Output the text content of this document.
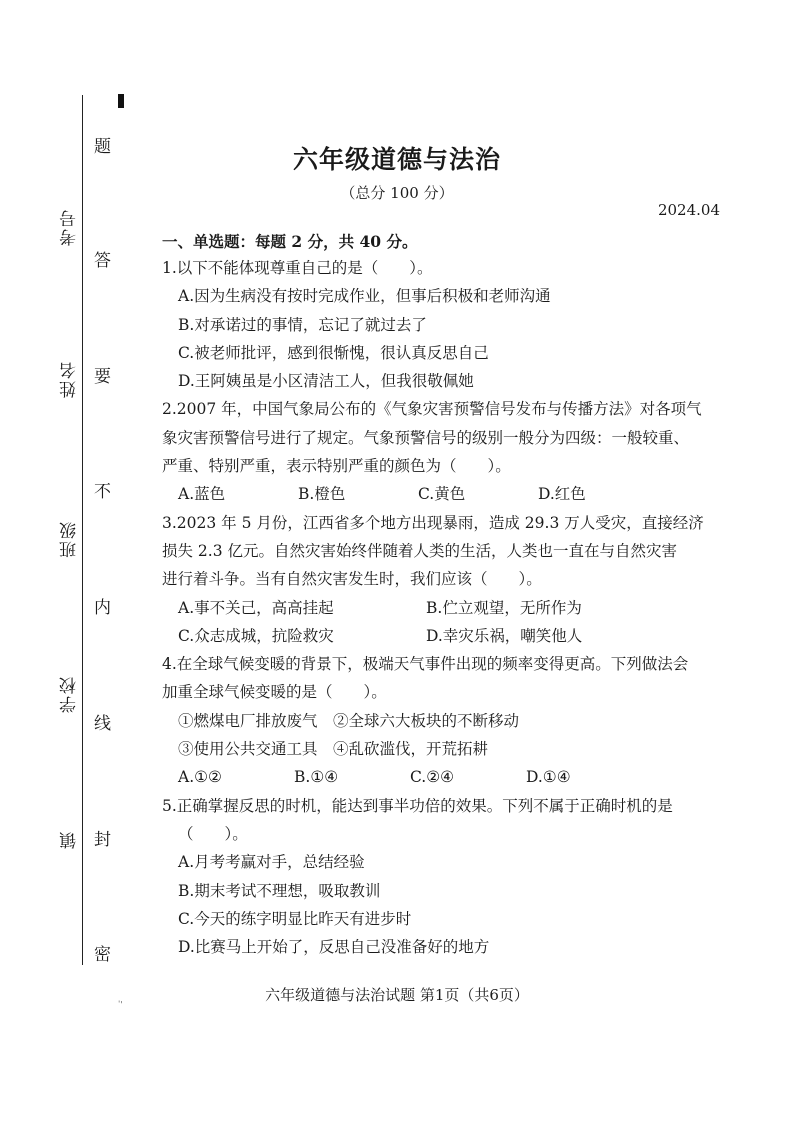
考号
姓名
班级
学校
镇
题
答
要
不
内
线
封
密
ˈ'
六年级道德与法治
（总分 100 分）
2024.04
一、单选题：每题 2 分，共 40 分。
1.以下不能体现尊重自己的是（　　）。
A.因为生病没有按时完成作业，但事后积极和老师沟通
B.对承诺过的事情，忘记了就过去了
C.被老师批评，感到很惭愧，很认真反思自己
D.王阿姨虽是小区清洁工人，但我很敬佩她
2.2007 年，中国气象局公布的《气象灾害预警信号发布与传播方法》对各项气
象灾害预警信号进行了规定。气象预警信号的级别一般分为四级：一般较重、
严重、特别严重，表示特别严重的颜色为（　　）。
A.蓝色	B.橙色	C.黄色	D.红色
3.2023 年 5 月份，江西省多个地方出现暴雨，造成 29.3 万人受灾，直接经济
损失 2.3 亿元。自然灾害始终伴随着人类的生活，人类也一直在与自然灾害
进行着斗争。当有自然灾害发生时，我们应该（　　）。
A.事不关己，高高挂起	B.伫立观望，无所作为
C.众志成城，抗险救灾	D.幸灾乐祸，嘲笑他人
4.在全球气候变暖的背景下，极端天气事件出现的频率变得更高。下列做法会
加重全球气候变暖的是（　　）。
①燃煤电厂排放废气　②全球六大板块的不断移动
③使用公共交通工具　④乱砍滥伐，开荒拓耕
A.①②	B.①④	C.②④	D.①④
5.正确掌握反思的时机，能达到事半功倍的效果。下列不属于正确时机的是
（　　）。
A.月考考赢对手，总结经验
B.期末考试不理想，吸取教训
C.今天的练字明显比昨天有进步时
D.比赛马上开始了，反思自己没准备好的地方
六年级道德与法治试题 第1页（共6页）
